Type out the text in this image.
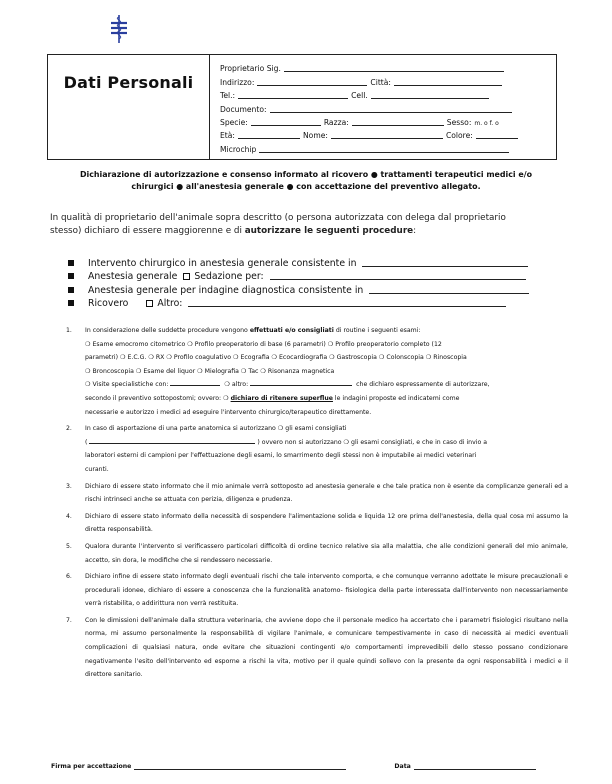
Dati Personali
Proprietario Sig.
Indirizzo:	Città:
Tel.:	Cell.
Documento:
Specie:	Razza:	Sesso: m. o f. o
Età:	Nome:	Colore:
Microchip
Dichiarazione di autorizzazione e consenso informato al ricovero ● trattamenti terapeutici medici e/o
chirurgici ● all'anestesia generale ● con accettazione del preventivo allegato.
In qualità di proprietario dell'animale sopra descritto (o persona autorizzata con delega dal proprietario
stesso) dichiaro di essere maggiorenne e di autorizzare le seguenti procedure:
Intervento chirurgico in anestesia generale consistente in
Anestesia generale Sedazione per:
Anestesia generale per indagine diagnostica consistente in
Ricovero	Altro:
1.	In considerazione delle suddette procedure vengono effettuati e/o consigliati di routine i seguenti esami:
❍ Esame emocromo citometrico ❍ Profilo preoperatorio di base (6 parametri) ❍ Profilo preoperatorio completo (12
parametri) ❍ E.C.G. ❍ RX ❍ Profilo coagulativo ❍ Ecografia ❍ Ecocardiografia ❍ Gastroscopia ❍ Colonscopia ❍ Rinoscopia
❍ Broncoscopia ❍ Esame del liquor ❍ Mielografia ❍ Tac ❍ Risonanza magnetica
❍ Visite specialistiche con:	❍ altro:	che dichiaro espressamente di autorizzare,
secondo il preventivo sottopostomi; ovvero: ❍ dichiaro di ritenere superflue le indagini proposte ed indicatemi come
necessarie e autorizzo i medici ad eseguire l'intervento chirurgico/terapeutico direttamente.
2.	In caso di asportazione di una parte anatomica si autorizzano ❍ gli esami consigliati
(	) ovvero non si autorizzano ❍ gli esami consigliati, e che in caso di invio a
laboratori esterni di campioni per l'effettuazione degli esami, lo smarrimento degli stessi non è imputabile ai medici veterinari
curanti.
3.	Dichiaro di essere stato informato che il mio animale verrà sottoposto ad anestesia generale e che tale pratica non è esente da complicanze generali ed a rischi intrinseci anche se attuata con perizia, diligenza e prudenza.
4.	Dichiaro di essere stato informato della necessità di sospendere l'alimentazione solida e liquida 12 ore prima dell'anestesia, della qual cosa mi assumo la diretta responsabilità.
5.	Qualora durante l'intervento si verificassero particolari difficoltà di ordine tecnico relative sia alla malattia, che alle condizioni generali del mio animale, accetto, sin dora, le modifiche che si rendessero necessarie.
6.	Dichiaro infine di essere stato informato degli eventuali rischi che tale intervento comporta, e che comunque verranno adottate le misure precauzionali e procedurali idonee, dichiaro di essere a conoscenza che la funzionalità anatomo- fisiologica della parte interessata dall'intervento non necessariamente verrà ristabilita, o addirittura non verrà restituita.
7.	Con le dimissioni dell'animale dalla struttura veterinaria, che avviene dopo che il personale medico ha accertato che i parametri fisiologici risultano nella norma, mi assumo personalmente la responsabilità di vigilare l'animale, e comunicare tempestivamente in caso di necessità ai medici eventuali complicazioni di qualsiasi natura, onde evitare che situazioni contingenti e/o comportamenti imprevedibili dello stesso possano condizionare negativamente l'esito dell'intervento ed esporne a rischi la vita, motivo per il quale quindi sollevo con la presente da ogni responsabilità i medici e il direttore sanitario.
Firma per accettazione	Data
